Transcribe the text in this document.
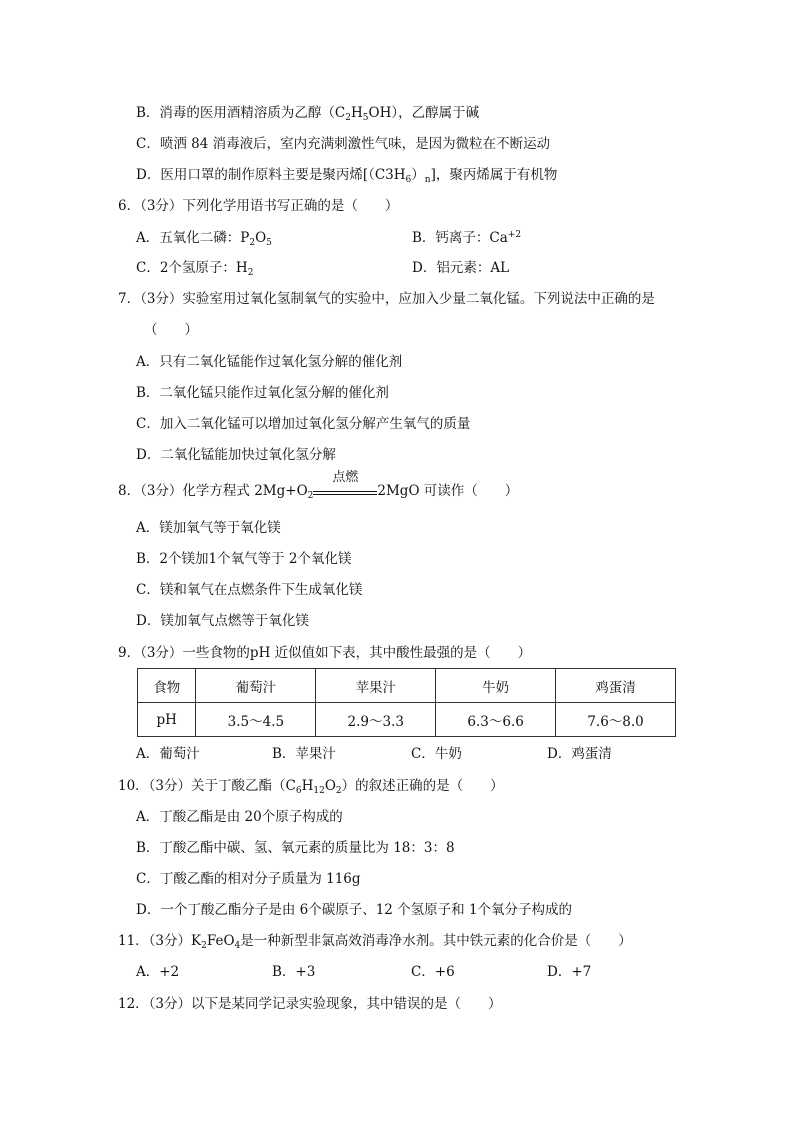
B．消毒的医用酒精溶质为乙醇$(C_2H_5OH)$，乙醇属于碱
C．喷洒 84 消毒液后，室内充满刺激性气味，是因为微粒在不断运动
D．医用口罩的制作原料主要是聚丙烯$[(C3H_6)_n]$，聚丙烯属于有机物
6．（3分）下列化学用语书写正确的是（　　）
A．五氧化二磷：$P_2O_5$	B．钙离子：$Ca^{+2}$
C．2个氢原子：$H_2$	D．铝元素：AL
7．（3分）实验室用过氧化氢制氧气的实验中，应加入少量二氧化锰。下列说法中正确的是
（　　）
A．只有二氧化锰能作过氧化氢分解的催化剂
B．二氧化锰只能作过氧化氢分解的催化剂
C．加入二氧化锰可以增加过氧化氢分解产生氧气的质量
D．二氧化锰能加快过氧化氢分解
8．（3分）化学方程式 $2Mg+O_2$
点燃
2MgO 可读作（　　）
A．镁加氧气等于氧化镁
B．2个镁加1个氧气等于 2个氧化镁
C．镁和氧气在点燃条件下生成氧化镁
D．镁加氧气点燃等于氧化镁
9．（3分）一些食物的pH 近似值如下表，其中酸性最强的是（　　）
食物	葡萄汁	苹果汁	牛奶	鸡蛋清
pH	3.5～4.5	2.9～3.3	6.3～6.6	7.6～8.0
A．葡萄汁	B．苹果汁	C．牛奶	D．鸡蛋清
10．（3分）关于丁酸乙酯$(C_6H_{12}O_2)$的叙述正确的是（　　）
A．丁酸乙酯是由 20个原子构成的
B．丁酸乙酯中碳、氢、氧元素的质量比为 18：3：8
C．丁酸乙酯的相对分子质量为 116g
D．一个丁酸乙酯分子是由 6个碳原子、12 个氢原子和 1个氧分子构成的
11．（3分）$K_2FeO_4$是一种新型非氯高效消毒净水剂。其中铁元素的化合价是（　　）
A．+2	B．+3	C．+6	D．+7
12．（3分）以下是某同学记录实验现象，其中错误的是（　　）
